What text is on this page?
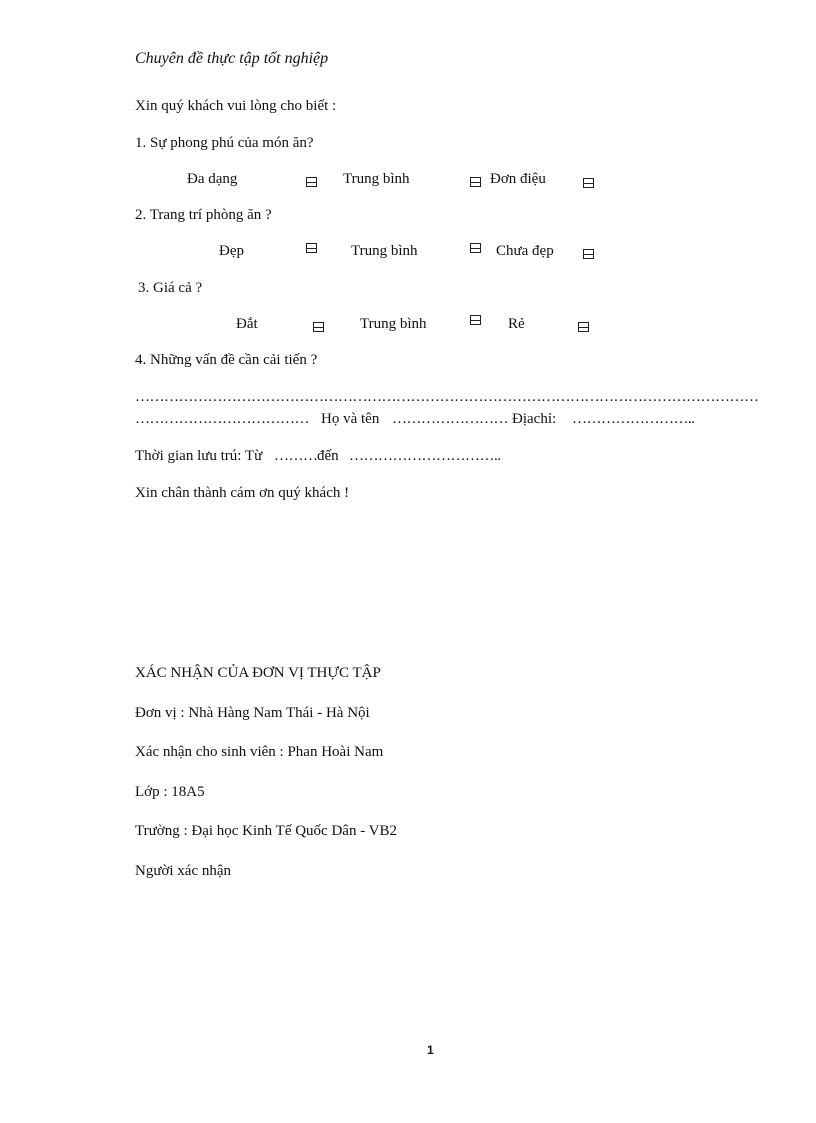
Chuyên đề thực tập tốt nghiệp
Xin quý khách vui lòng cho biết :
1. Sự phong phú của món ăn?
Đa dạng	Trung bình	Đơn điệu
2. Trang trí phòng ăn ?
Đẹp	Trung bình	Chưa đẹp
3. Giá cả ?
Đắt	Trung bình	Rẻ
4. Những vấn đề cần cải tiến ?
…………………………………………………………………………………………………………………
……………………………… Họ và tên …………………… Địachỉ: ……………………..
Thời gian lưu trú: Từ ……… đến …………………………..
Xin chân thành cám ơn quý khách !
XÁC NHẬN CỦA ĐƠN VỊ THỰC TẬP
Đơn vị : Nhà Hàng Nam Thái - Hà Nội
Xác nhận cho sinh viên : Phan Hoài Nam
Lớp : 18A5
Trường : Đại học Kinh Tế Quốc Dân - VB2
Người xác nhận
1
